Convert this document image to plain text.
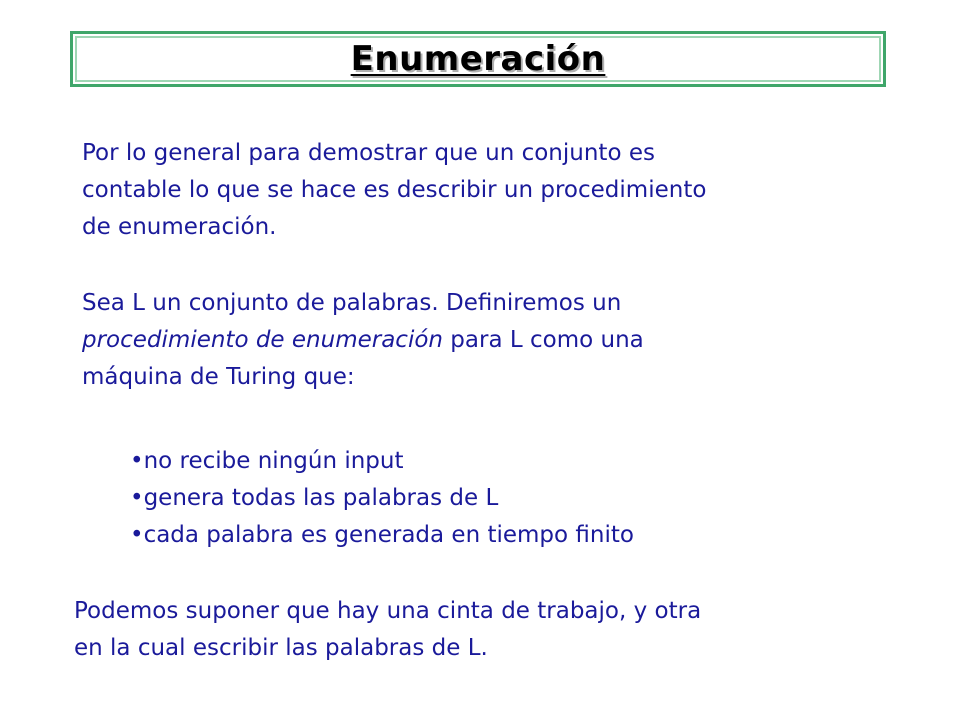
Enumeración

Por lo general para demostrar que un conjunto es
contable lo que se hace es describir un procedimiento
de enumeración.

Sea L un conjunto de palabras. Definiremos un
procedimiento de enumeración para L como una
máquina de Turing que:

•no recibe ningún input
•genera todas las palabras de L
•cada palabra es generada en tiempo finito

Podemos suponer que hay una cinta de trabajo, y otra
en la cual escribir las palabras de L.
